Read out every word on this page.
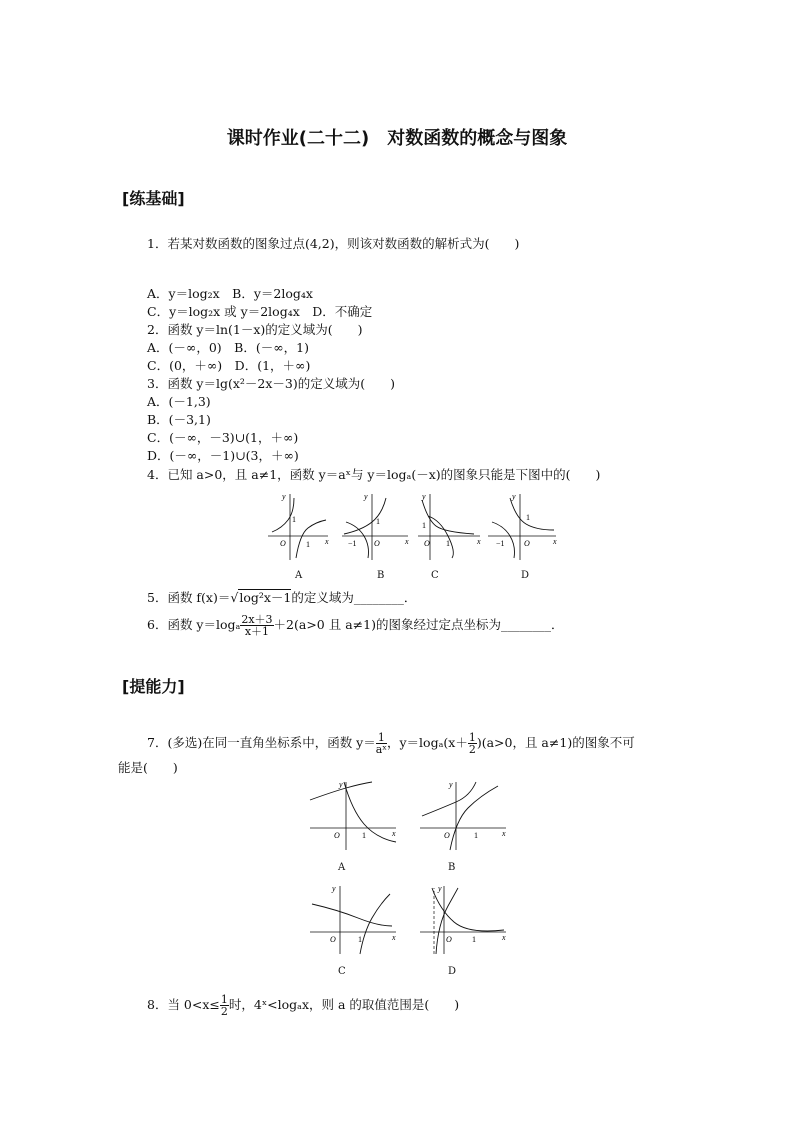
课时作业(二十二)　对数函数的概念与图象
[练基础]
1．若某对数函数的图象过点(4,2)，则该对数函数的解析式为(　　)
A．y＝log₂x　B．y＝2log₄x
C．y＝log₂x 或 y＝2log₄x　D．不确定
2．函数 y＝ln(1－x)的定义域为(　　)
A．(－∞，0)　B．(－∞，1)
C．(0，＋∞)　D．(1，＋∞)
3．函数 y＝lg(x²－2x－3)的定义域为(　　)
A．(－1,3)
B．(－3,1)
C．(－∞，－3)∪(1，＋∞)
D．(－∞，－1)∪(3，＋∞)
4．已知 a>0，且 a≠1，函数 y＝aˣ与 y＝logₐ(－x)的图象只能是下图中的(　　)
y
x
O
1
1
A
y
x
O
1
−1
B
y
x
O
1
1
C
y
x
O
1
−1
D
5．函数 f(x)＝√log²x－1的定义域为________．
6．函数 $y=\log_a \frac{2x+3}{x+1} +2(a>0$ 且 a≠1)的图象经过定点坐标为________．
[提能力]
7．(多选)在同一直角坐标系中，函数 $y= \frac{1}{\text{aˣ}}$ ，$y=\log_a(x+ \frac{1}{2} )(a>0$，且 a≠1)的图象不可
能是(　　)
y
x
O	1
A
y
x
O	1
B
y
x
O	1
C
y
x
O	1
D
8．当 $0<x\le \frac{1}{2}$ 时，4ˣ<logₐx，则 a 的取值范围是(　　)
